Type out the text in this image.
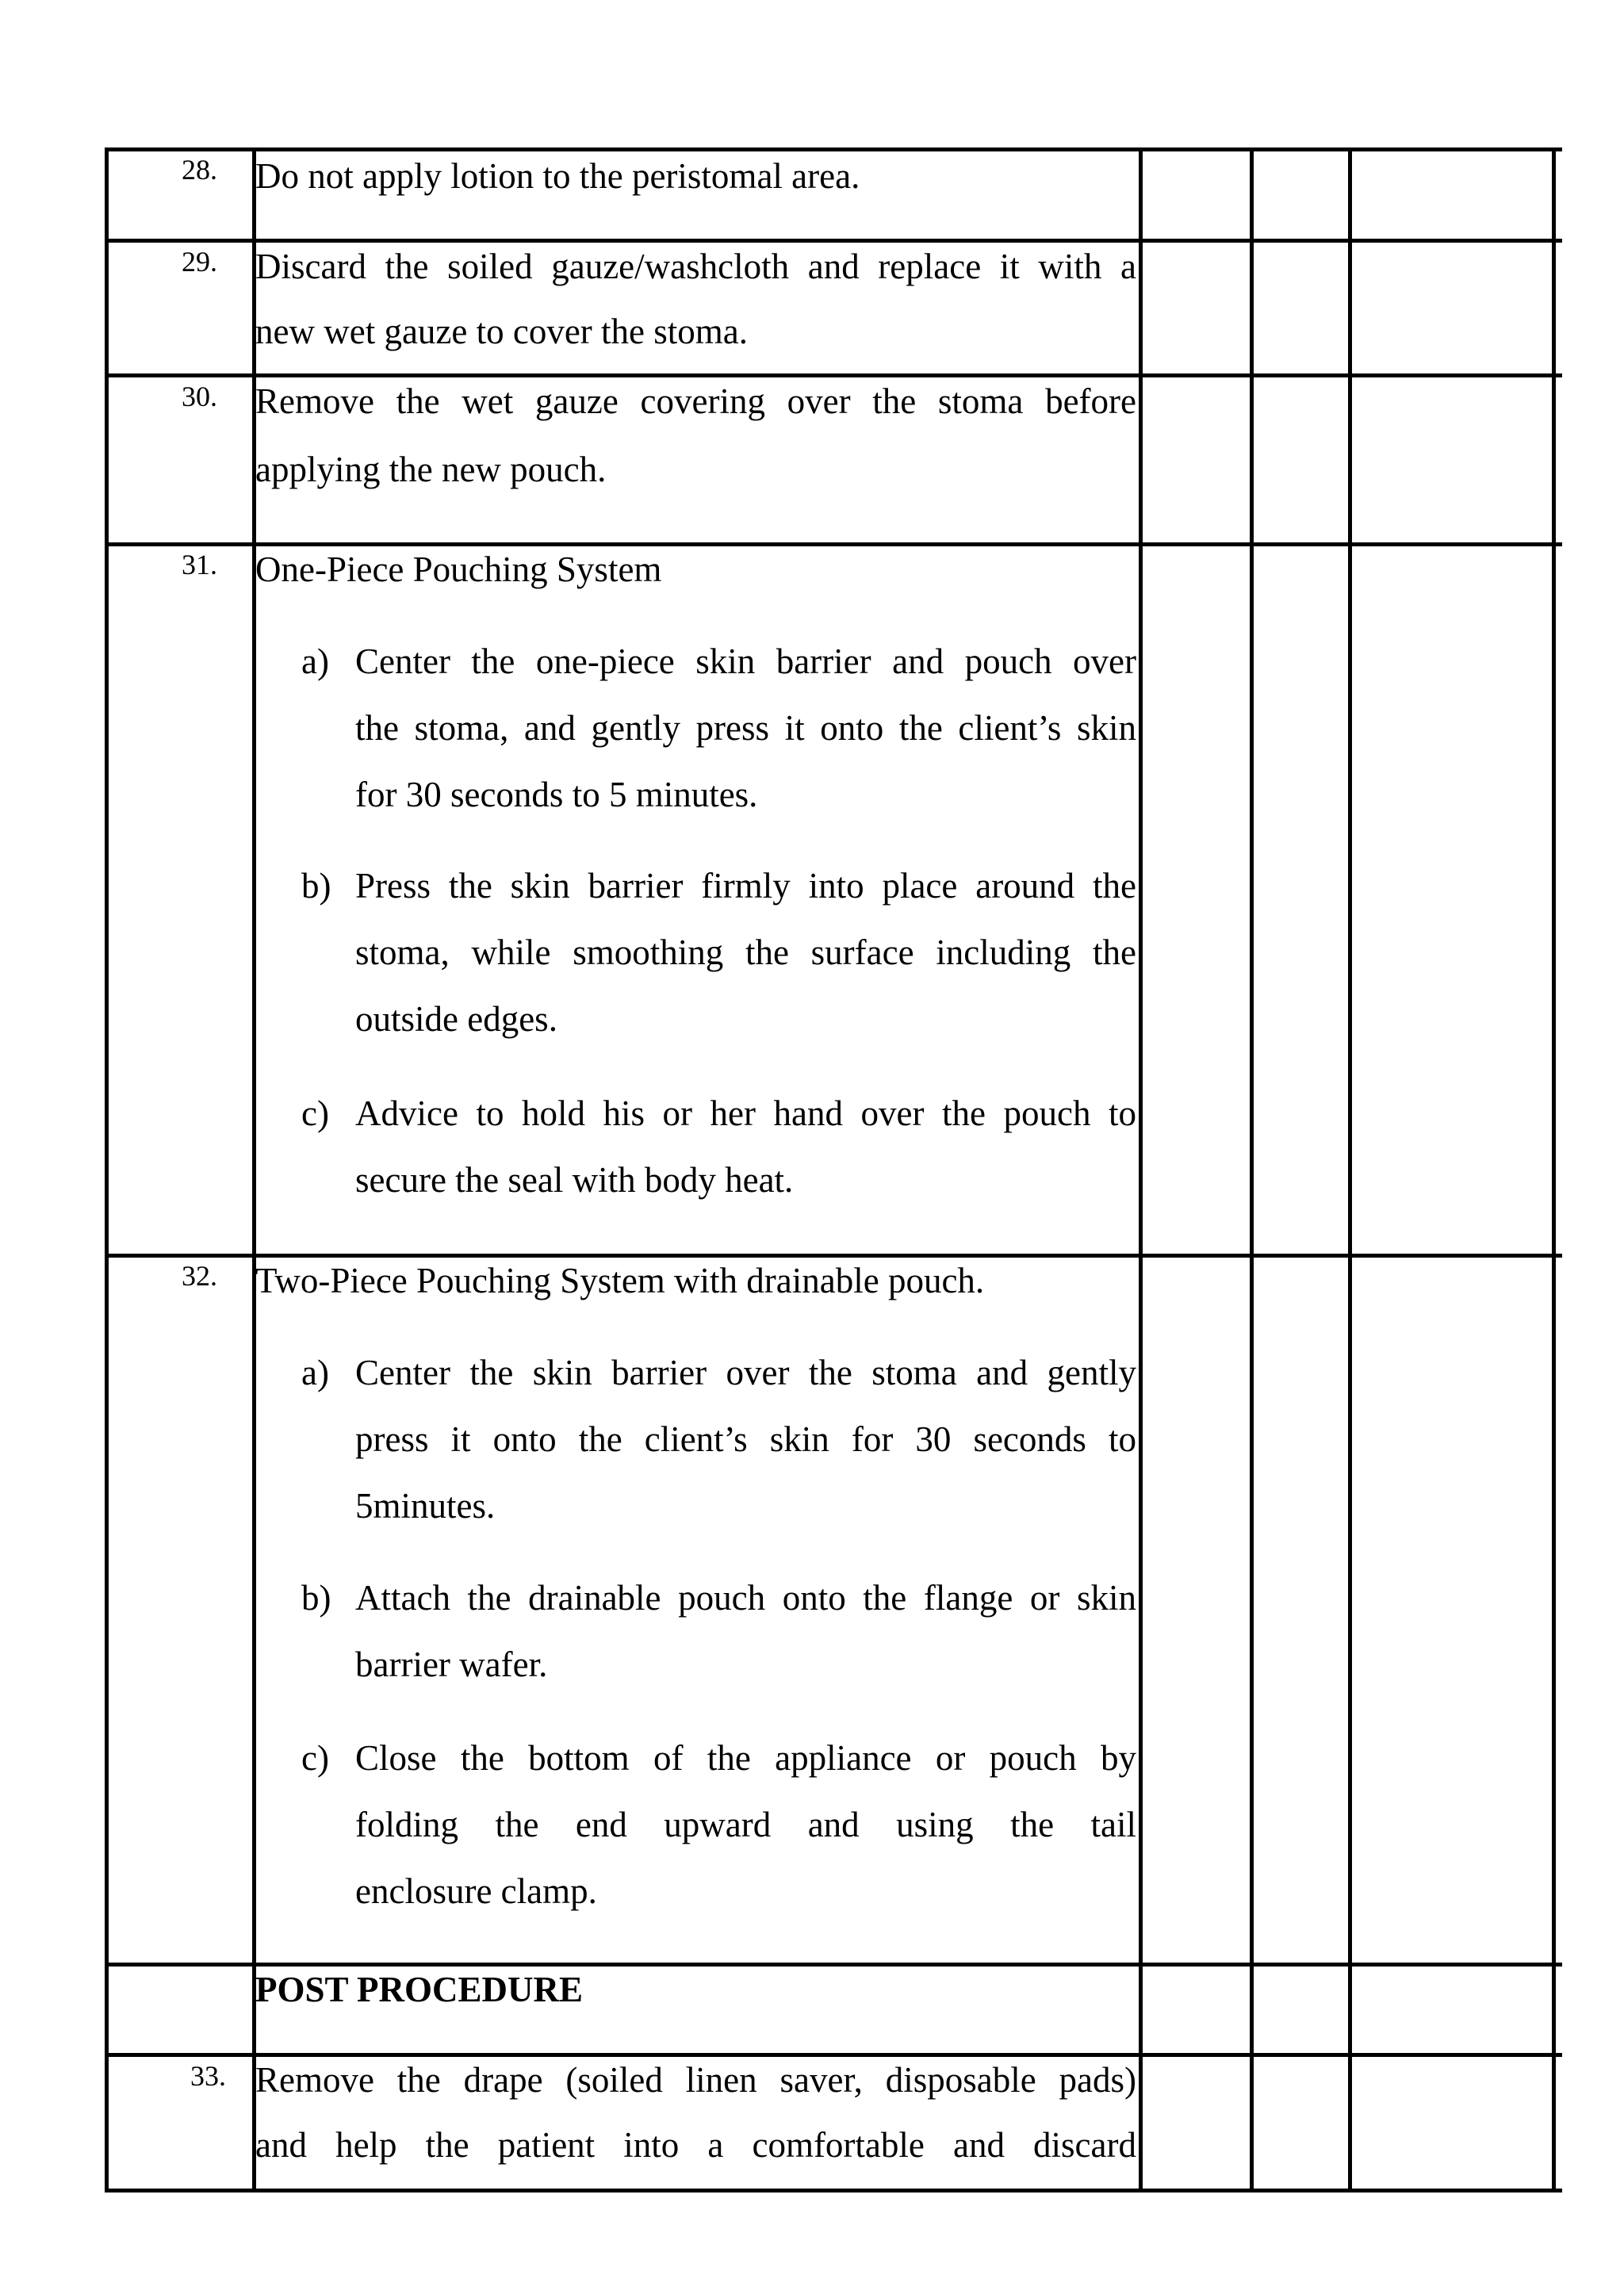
28. Do not apply lotion to the peristomal area.
29. Discard the soiled gauze/washcloth and replace it with a
new wet gauze to cover the stoma.
30. Remove the wet gauze covering over the stoma before
applying the new pouch.
31. One-Piece Pouching System
a) Center the one-piece skin barrier and pouch over
the stoma, and gently press it onto the client’s skin
for 30 seconds to 5 minutes.
b) Press the skin barrier firmly into place around the
stoma, while smoothing the surface including the
outside edges.
c) Advice to hold his or her hand over the pouch to
secure the seal with body heat.
32. Two-Piece Pouching System with drainable pouch.
a) Center the skin barrier over the stoma and gently
press it onto the client’s skin for 30 seconds to
5minutes.
b) Attach the drainable pouch onto the flange or skin
barrier wafer.
c) Close the bottom of the appliance or pouch by
folding the end upward and using the tail
enclosure clamp.
POST PROCEDURE
33. Remove the drape (soiled linen saver, disposable pads)
and help the patient into a comfortable and discard
